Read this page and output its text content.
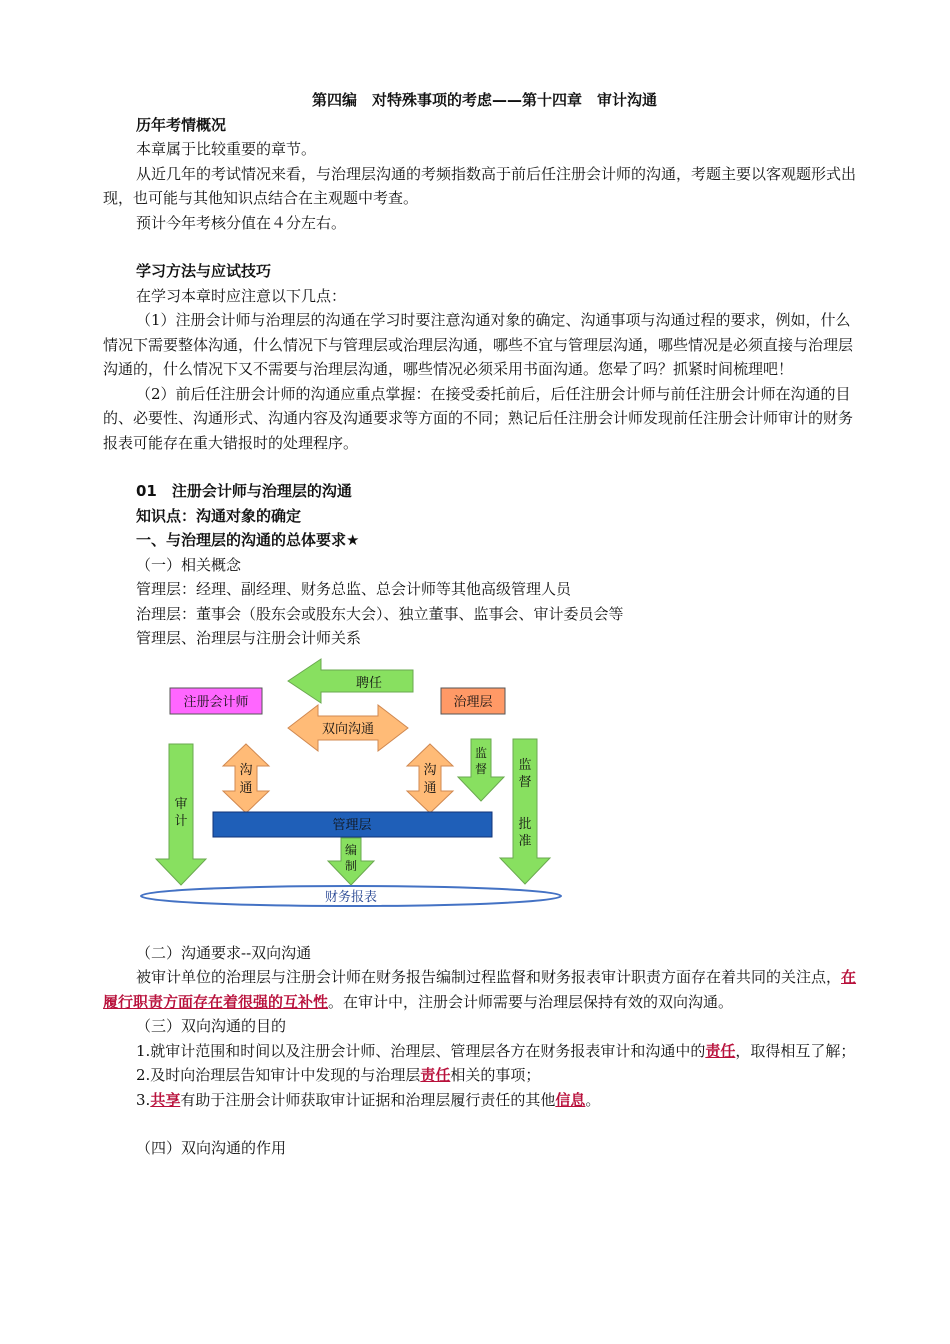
第四编　对特殊事项的考虑——第十四章　审计沟通

历年考情概况

本章属于比较重要的章节。

从近几年的考试情况来看，与治理层沟通的考频指数高于前后任注册会计师的沟通，考题主要以客观题形式出现，也可能与其他知识点结合在主观题中考查。

预计今年考核分值在４分左右。

学习方法与应试技巧

在学习本章时应注意以下几点：

（1）注册会计师与治理层的沟通在学习时要注意沟通对象的确定、沟通事项与沟通过程的要求，例如，什么情况下需要整体沟通，什么情况下与管理层或治理层沟通，哪些不宜与管理层沟通，哪些情况是必须直接与治理层沟通的，什么情况下又不需要与治理层沟通，哪些情况必须采用书面沟通。您晕了吗？抓紧时间梳理吧！

（2）前后任注册会计师的沟通应重点掌握：在接受委托前后，后任注册会计师与前任注册会计师在沟通的目的、必要性、沟通形式、沟通内容及沟通要求等方面的不同；熟记后任注册会计师发现前任注册会计师审计的财务报表可能存在重大错报时的处理程序。

01　注册会计师与治理层的沟通

知识点：沟通对象的确定

一、与治理层的沟通的总体要求★

（一）相关概念

管理层：经理、副经理、财务总监、总会计师等其他高级管理人员

治理层：董事会（股东会或股东大会）、独立董事、监事会、审计委员会等

管理层、治理层与注册会计师关系

聘任
注册会计师	治理层
双向沟通
审
计
沟
通
沟
通
监
督 监
督
批
准
管理层
编
制
财务报表

（二）沟通要求--双向沟通

被审计单位的治理层与注册会计师在财务报告编制过程监督和财务报表审计职责方面存在着共同的关注点，在履行职责方面存在着很强的互补性。在审计中，注册会计师需要与治理层保持有效的双向沟通。

（三）双向沟通的目的

1.就审计范围和时间以及注册会计师、治理层、管理层各方在财务报表审计和沟通中的责任，取得相互了解；

2.及时向治理层告知审计中发现的与治理层责任相关的事项；

3.共享有助于注册会计师获取审计证据和治理层履行责任的其他信息。

（四）双向沟通的作用
